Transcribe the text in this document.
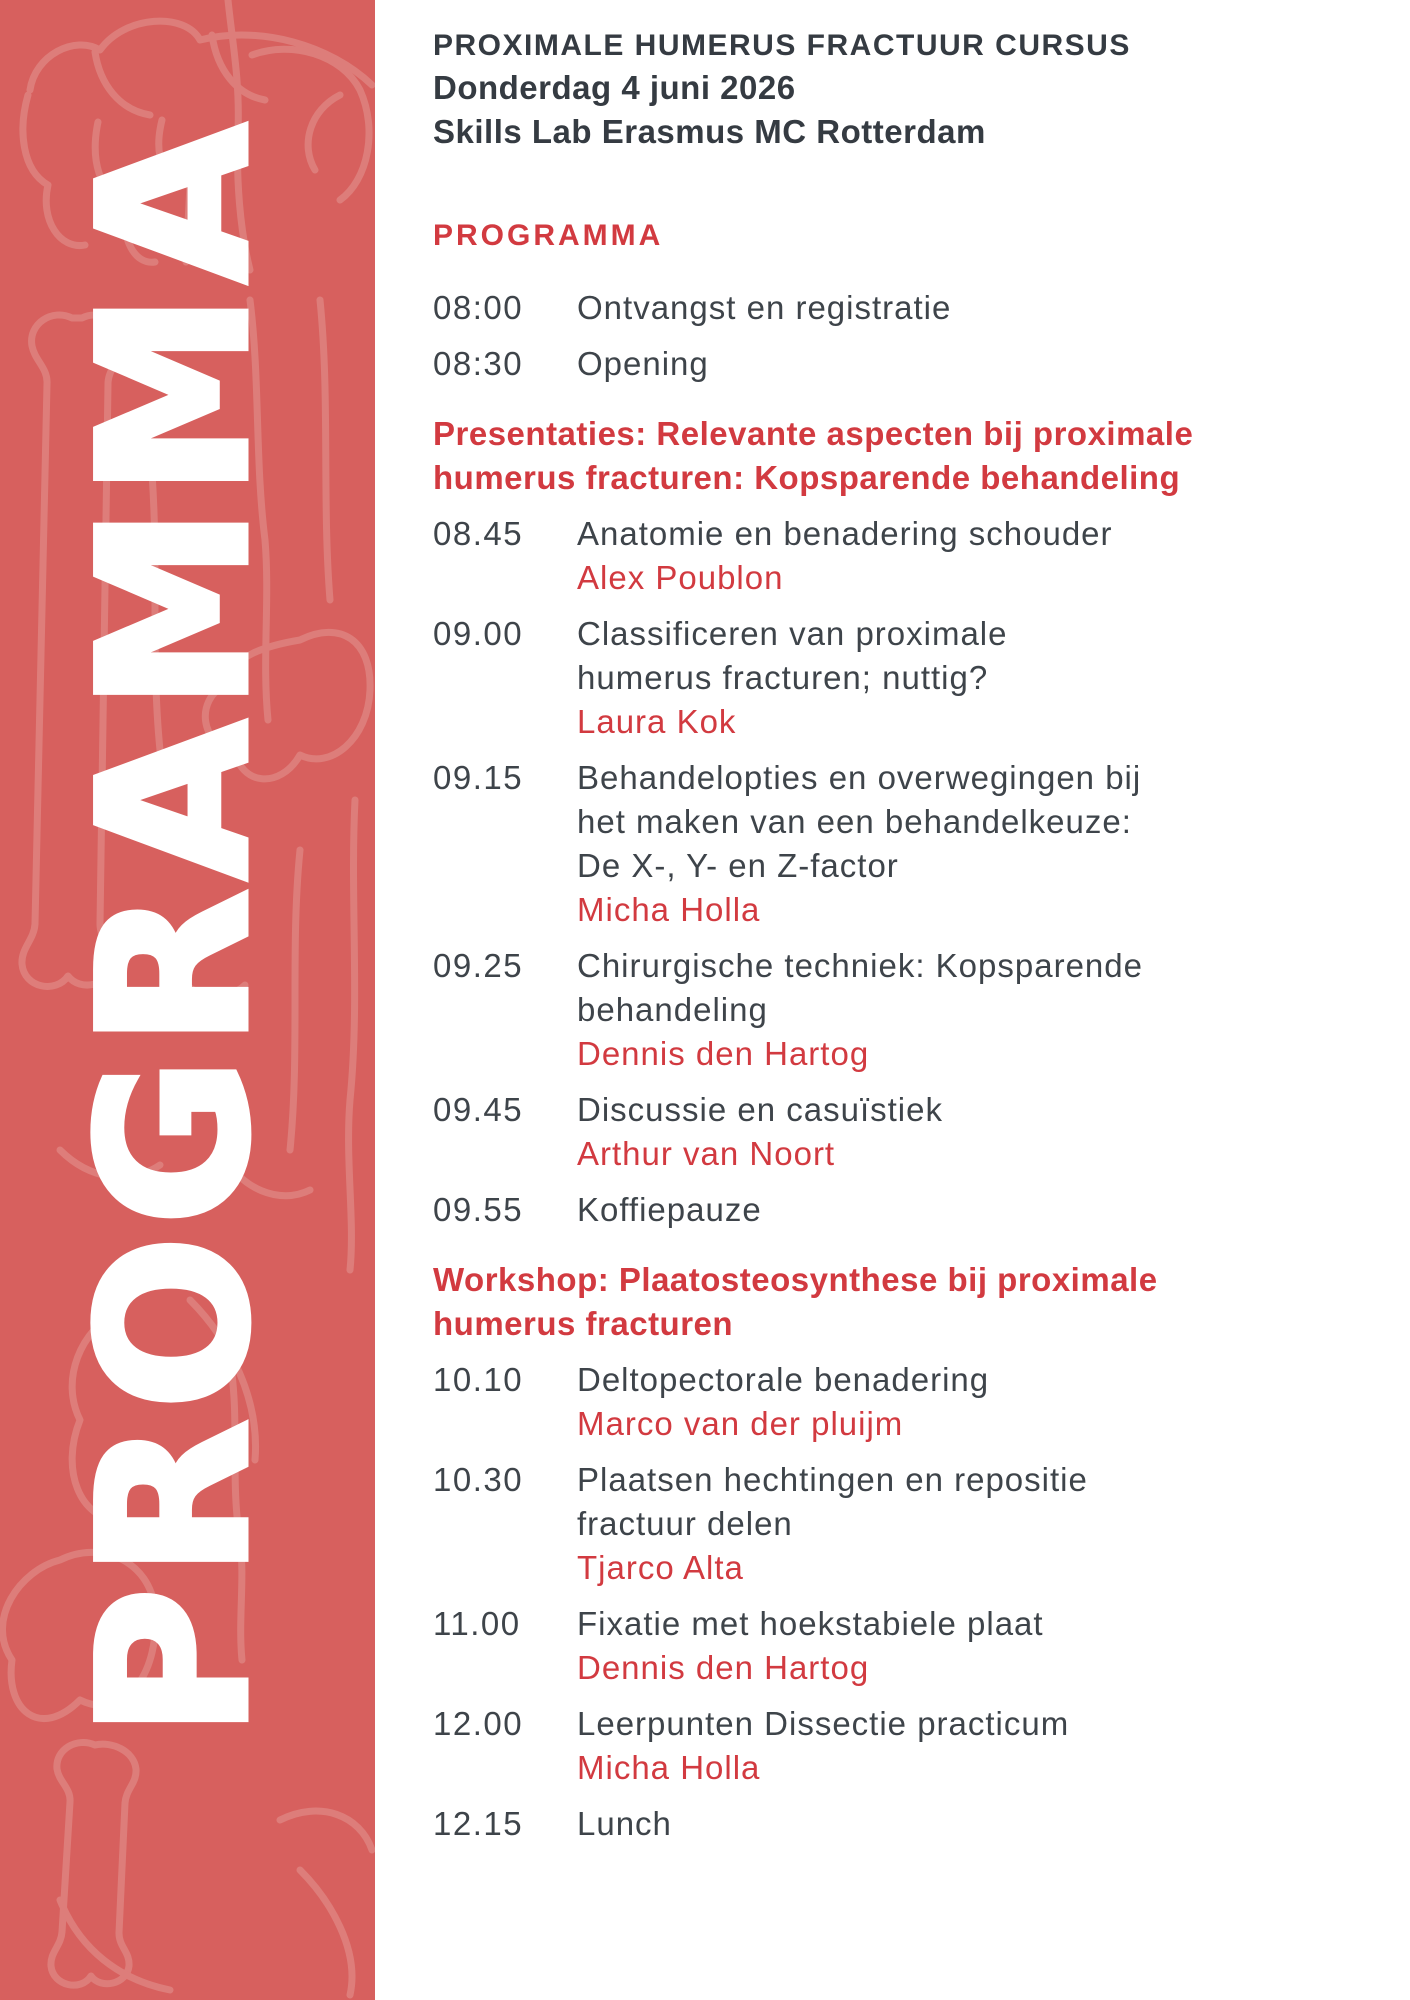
PROGRAMMA
PROXIMALE HUMERUS FRACTUUR CURSUS
Donderdag 4 juni 2026
Skills Lab Erasmus MC Rotterdam
PROGRAMMA
08:00	Ontvangst en registratie
08:30	Opening
Presentaties: Relevante aspecten bij proximale
humerus fracturen: Kopsparende behandeling
08.45	Anatomie en benadering schouder
Alex Poublon
09.00	Classificeren van proximale
humerus fracturen; nuttig?
Laura Kok
09.15	Behandelopties en overwegingen bij
het maken van een behandelkeuze:
De X-, Y- en Z-factor
Micha Holla
09.25	Chirurgische techniek: Kopsparende
behandeling
Dennis den Hartog
09.45	Discussie en casuïstiek
Arthur van Noort
09.55	Koffiepauze
Workshop: Plaatosteosynthese bij proximale
humerus fracturen
10.10	Deltopectorale benadering
Marco van der pluijm
10.30	Plaatsen hechtingen en repositie
fractuur delen
Tjarco Alta
11.00	Fixatie met hoekstabiele plaat
Dennis den Hartog
12.00	Leerpunten Dissectie practicum
Micha Holla
12.15	Lunch
